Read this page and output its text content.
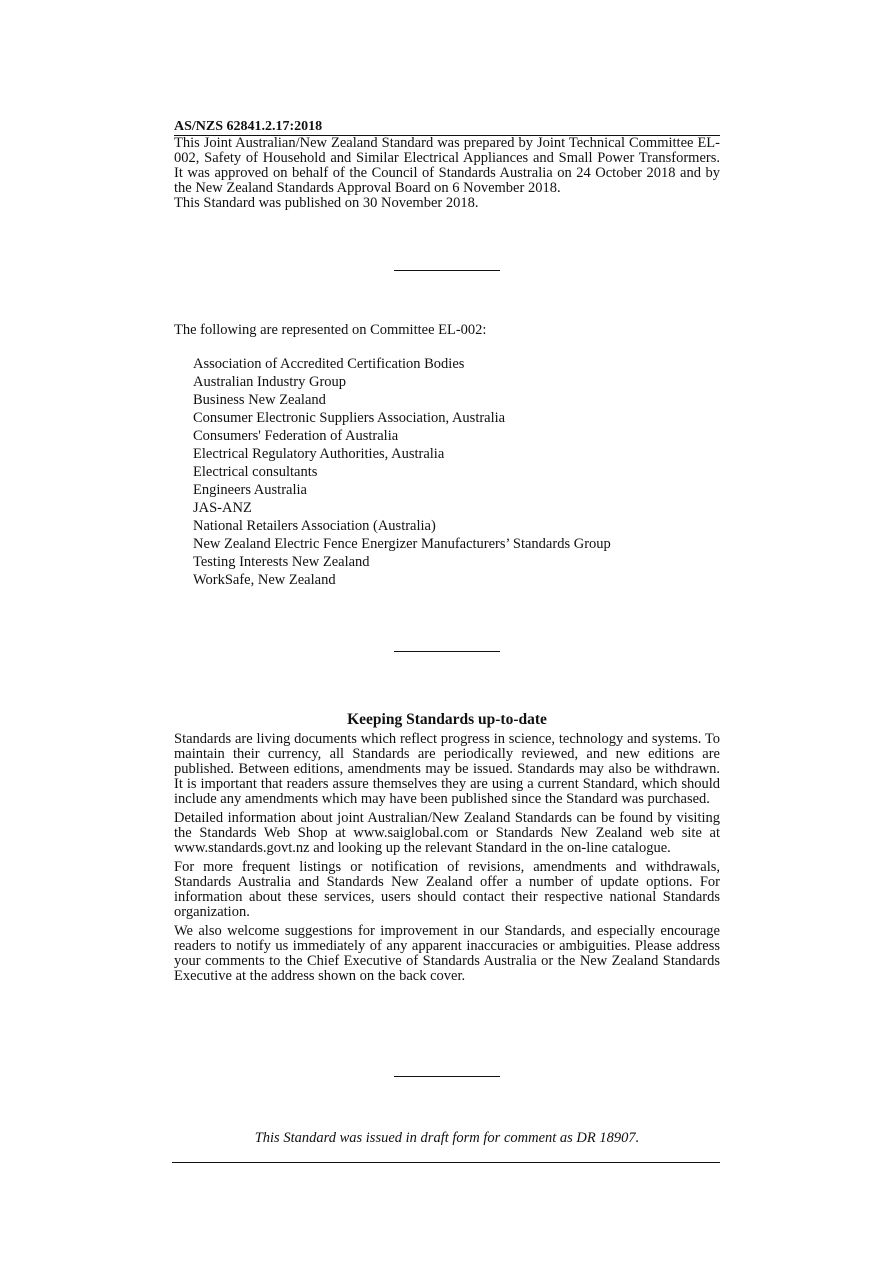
AS/NZS 62841.2.17:2018

This Joint Australian/New Zealand Standard was prepared by Joint Technical Committee EL-002, Safety of Household and Similar Electrical Appliances and Small Power Transformers. It was approved on behalf of the Council of Standards Australia on 24 October 2018 and by the New Zealand Standards Approval Board on 6 November 2018.

This Standard was published on 30 November 2018.

The following are represented on Committee EL-002:

Association of Accredited Certification Bodies
Australian Industry Group
Business New Zealand
Consumer Electronic Suppliers Association, Australia
Consumers' Federation of Australia
Electrical Regulatory Authorities, Australia
Electrical consultants
Engineers Australia
JAS-ANZ
National Retailers Association (Australia)
New Zealand Electric Fence Energizer Manufacturers’ Standards Group
Testing Interests New Zealand
WorkSafe, New Zealand
Keeping Standards up-to-date

Standards are living documents which reflect progress in science, technology and systems. To maintain their currency, all Standards are periodically reviewed, and new editions are published. Between editions, amendments may be issued. Standards may also be withdrawn. It is important that readers assure themselves they are using a current Standard, which should include any amendments which may have been published since the Standard was purchased.

Detailed information about joint Australian/New Zealand Standards can be found by visiting the Standards Web Shop at www.saiglobal.com or Standards New Zealand web site at www.standards.govt.nz and looking up the relevant Standard in the on-line catalogue.

For more frequent listings or notification of revisions, amendments and withdrawals, Standards Australia and Standards New Zealand offer a number of update options. For information about these services, users should contact their respective national Standards organization.

We also welcome suggestions for improvement in our Standards, and especially encourage readers to notify us immediately of any apparent inaccuracies or ambiguities. Please address your comments to the Chief Executive of Standards Australia or the New Zealand Standards Executive at the address shown on the back cover.

This Standard was issued in draft form for comment as DR 18907.
